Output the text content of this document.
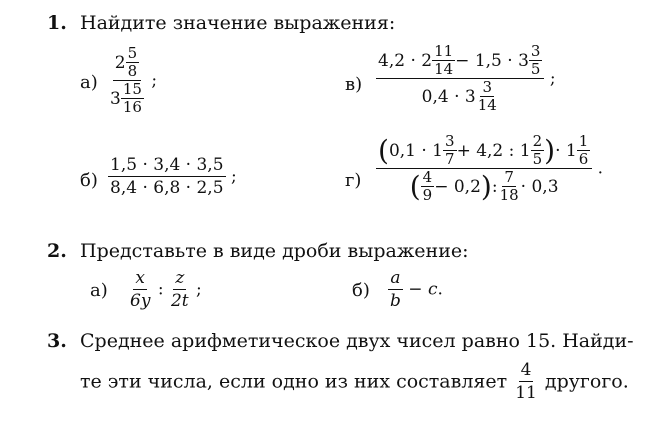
1. Найдите значение выражения:
$а) \frac{2 \frac{5}{8}}{3 \frac{15}{16}}$ ;	$в) \frac{4,2 \cdot 2 \frac{11}{14} - 1,5 \cdot 3 \frac{3}{5}}{0,4 \cdot 3 \frac{3}{14}}$ ;
$б) \frac{1,5 \cdot 3,4 \cdot 3,5}{8,4 \cdot 6,8 \cdot 2,5}$ ;	$г) \frac{( 0,1 \cdot 1 \frac{3}{7} + 4,2 : 1 \frac{2}{5} ) \cdot 1 \frac{1}{6}}{( \frac{4}{9} - 0,2 ) : \frac{7}{18} \cdot 0,3}$ .
2. Представьте в виде дроби выражение:
$а) \frac{x}{6y}$ : $\frac{z}{2t}$ ;	$б) \frac{a}{b} - c$.
3. Среднее арифметическое двух чисел равно 15. Найди-
те эти числа, если одно из них составляет $\frac{4}{11}$ другого.
